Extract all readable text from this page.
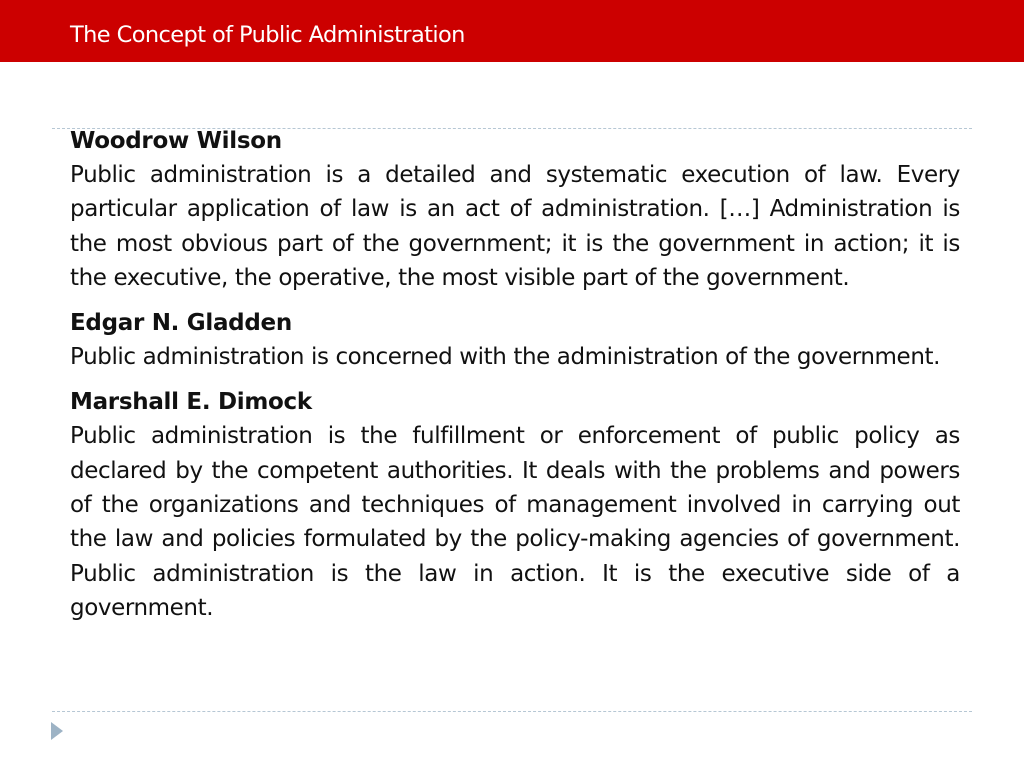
The Concept of Public Administration

Woodrow Wilson

Public administration is a detailed and systematic execution of law. Every particular application of law is an act of administration. […] Administration is the most obvious part of the government; it is the government in action; it is the executive, the operative, the most visible part of the government.

Edgar N. Gladden

Public administration is concerned with the administration of the government.

Marshall E. Dimock

Public administration is the fulfillment or enforcement of public policy as declared by the competent authorities. It deals with the problems and powers of the organizations and techniques of management involved in carrying out the law and policies formulated by the policy-making agencies of government. Public administration is the law in action. It is the executive side of a government.
